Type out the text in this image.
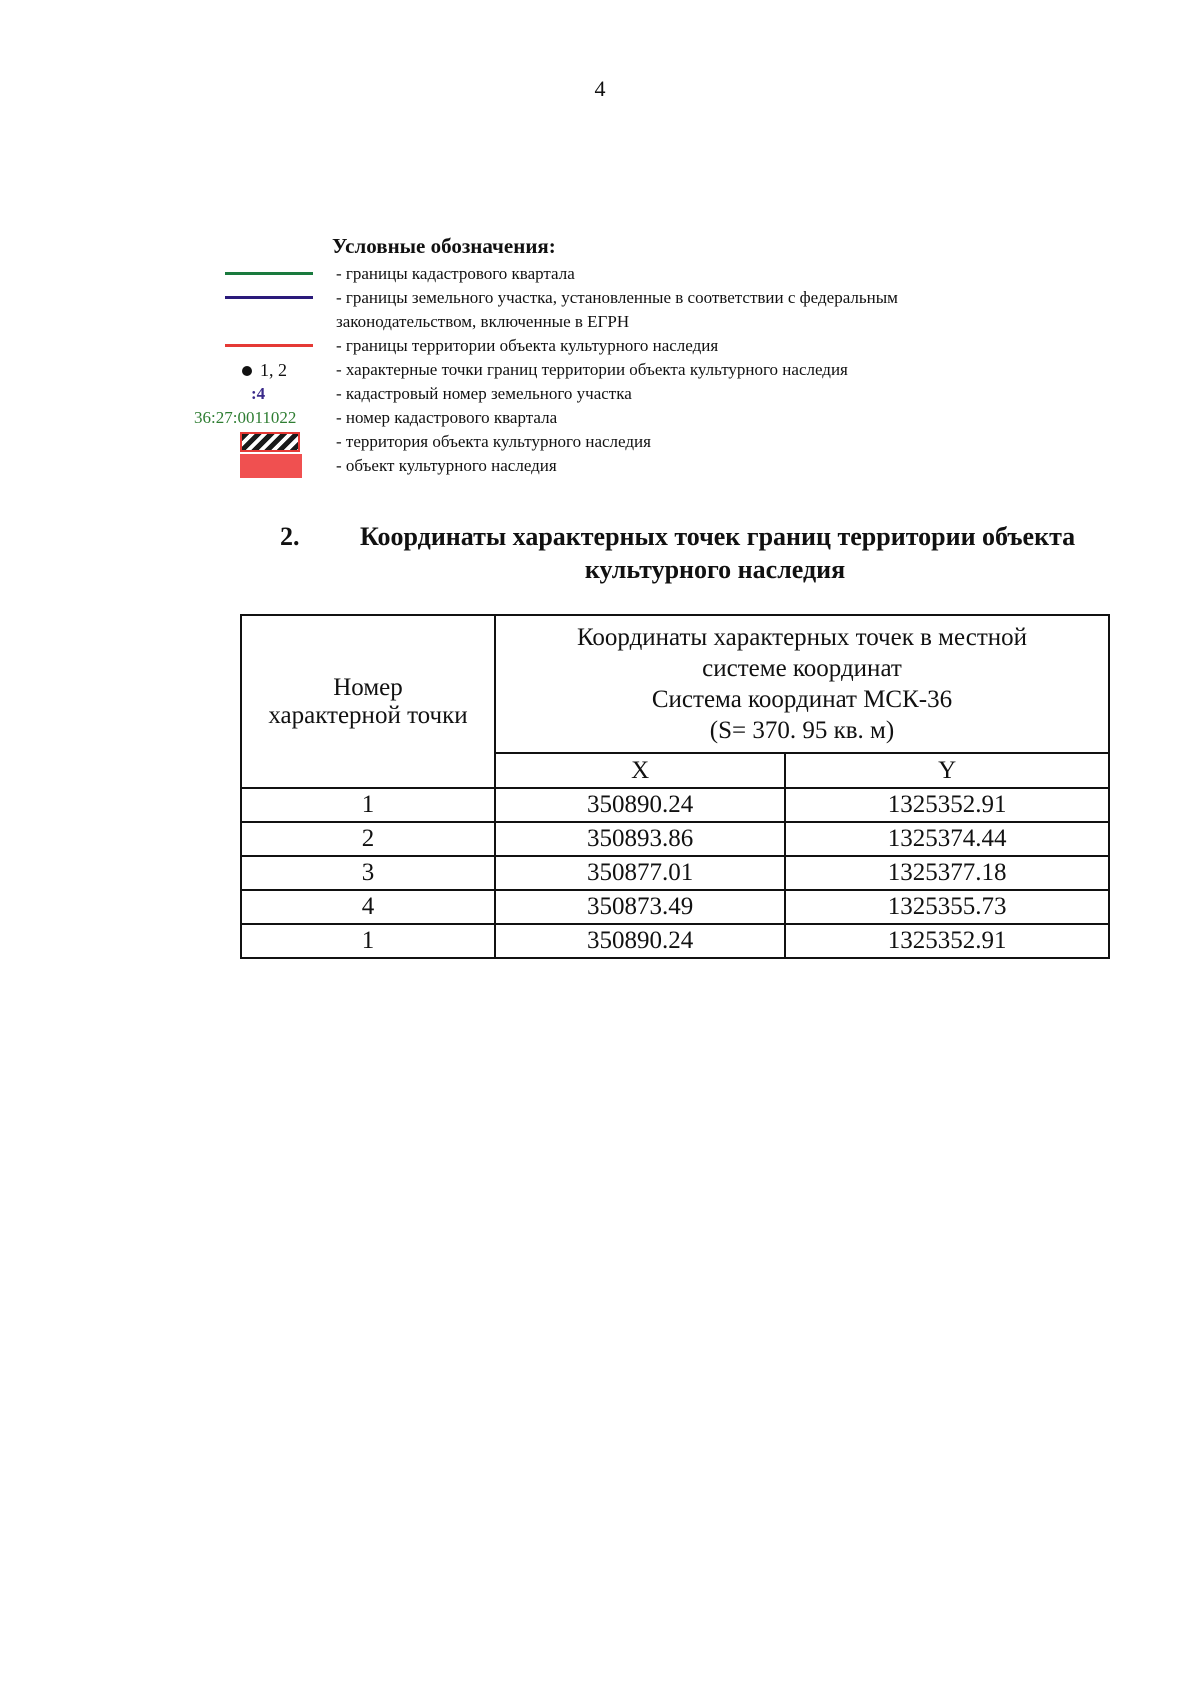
4
Условные обозначения:
- границы кадастрового квартала
- границы земельного участка, установленные в соответствии с федеральным
законодательством, включенные в ЕГРН
- границы территории объекта культурного наследия
1, 2	- характерные точки границ территории объекта культурного наследия
:4	- кадастровый номер земельного участка
36:27:0011022 - номер кадастрового квартала
- территория объекта культурного наследия
- объект культурного наследия
2. Координаты характерных точек границ территории объекта
культурного наследия
Номер
характерной точки	Координаты характерных точек в местной
системе координат
Система координат МСК-36
(S= 370. 95 кв. м)	

	X	Y
1	350890.24	1325352.91
2	350893.86	1325374.44
3	350877.01	1325377.18
4	350873.49	1325355.73
1	350890.24	1325352.91
